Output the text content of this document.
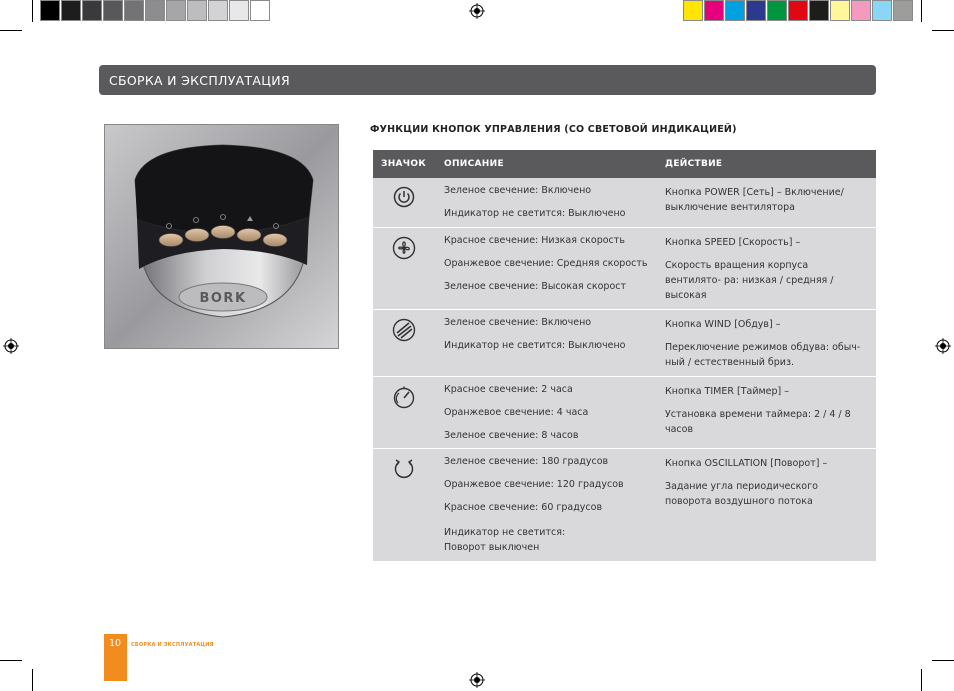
СБОРКА И ЭКСПЛУАТАЦИЯ
BORK
ФУНКЦИИ КНОПОК УПРАВЛЕНИЯ (СО СВЕТОВОЙ ИНДИКАЦИЕЙ)
ЗНАЧОК	ОПИСАНИЕ	ДЕЙСТВИЕ
Зеленое свечение: Включено
Индикатор не светится: Выключено
Кнопка POWER [Сеть] – Включение/ выключение вентилятора
Красное свечение: Низкая скорость
Оранжевое свечение: Средняя скорость
Зеленое свечение: Высокая скорост
Кнопка SPEED [Скорость] –
Скорость вращения корпуса вентилято- ра: низкая / средняя / высокая
Зеленое свечение: Включено
Индикатор не светится: Выключено
Кнопка WIND [Обдув] –
Переключение режимов обдува: обыч- ный / естественный бриз.
Красное свечение: 2 часа
Оранжевое свечение: 4 часа
Зеленое свечение: 8 часов
Кнопка TIMER [Таймер] –
Установка времени таймера: 2 / 4 / 8 часов
Зеленое свечение: 180 градусов
Оранжевое свечение: 120 градусов
Красное свечение: 60 градусов
Индикатор не светится:
Поворот выключен
Кнопка OSCILLATION [Поворот] –
Задание угла периодического поворота воздушного потока
10 СБОРКА И ЭКСПЛУАТАЦИЯ
